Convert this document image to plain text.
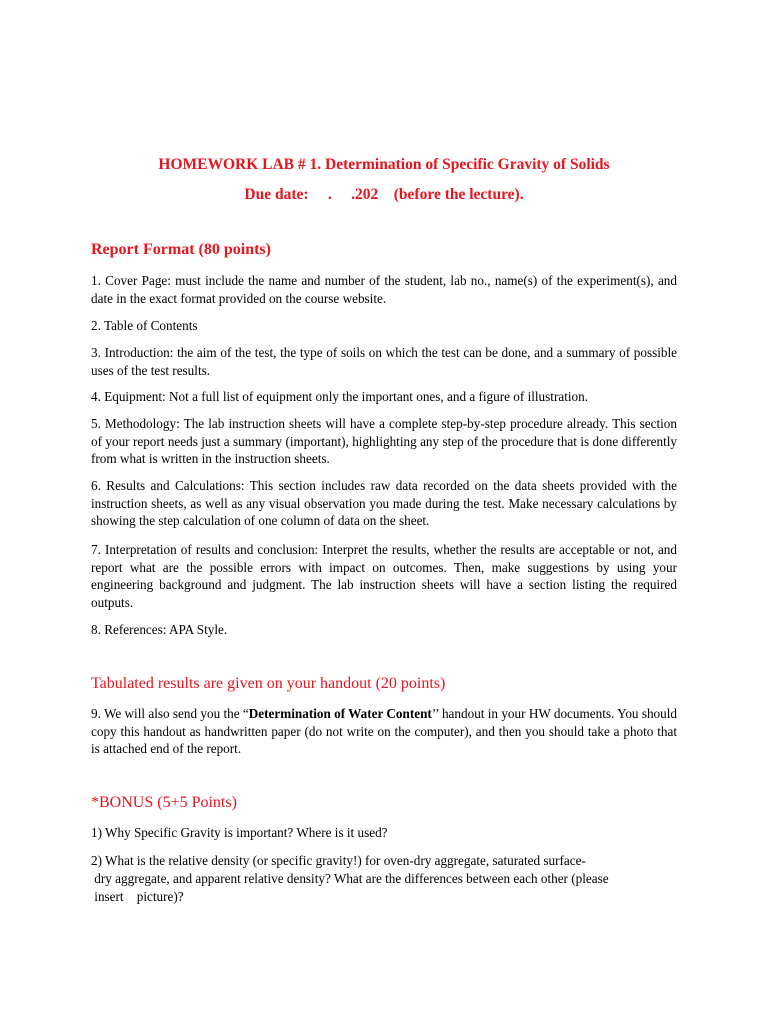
HOMEWORK LAB # 1. Determination of Specific Gravity of Solids
Due date:     .     .202    (before the lecture).
Report Format (80 points)
1. Cover Page: must include the name and number of the student, lab no., name(s) of the experiment(s), and date in the exact format provided on the course website.
2. Table of Contents
3. Introduction: the aim of the test, the type of soils on which the test can be done, and a summary of possible uses of the test results.
4. Equipment: Not a full list of equipment only the important ones, and a figure of illustration.
5. Methodology: The lab instruction sheets will have a complete step-by-step procedure already. This section of your report needs just a summary (important), highlighting any step of the procedure that is done differently from what is written in the instruction sheets.
6. Results and Calculations: This section includes raw data recorded on the data sheets provided with the instruction sheets, as well as any visual observation you made during the test. Make necessary calculations by showing the step calculation of one column of data on the sheet.
7. Interpretation of results and conclusion: Interpret the results, whether the results are acceptable or not, and report what are the possible errors with impact on outcomes. Then, make suggestions by using your engineering background and judgment. The lab instruction sheets will have a section listing the required outputs.
8. References: APA Style.
Tabulated results are given on your handout (20 points)
9. We will also send you the “Determination of Water Content’’ handout in your HW documents. You should copy this handout as handwritten paper (do not write on the computer), and then you should take a photo that is attached end of the report.
*BONUS (5+5 Points)
1) Why Specific Gravity is important? Where is it used?
2) What is the relative density (or specific gravity!) for oven-dry aggregate, saturated surface-
dry aggregate, and apparent relative density? What are the differences between each other (please
insert    picture)?
